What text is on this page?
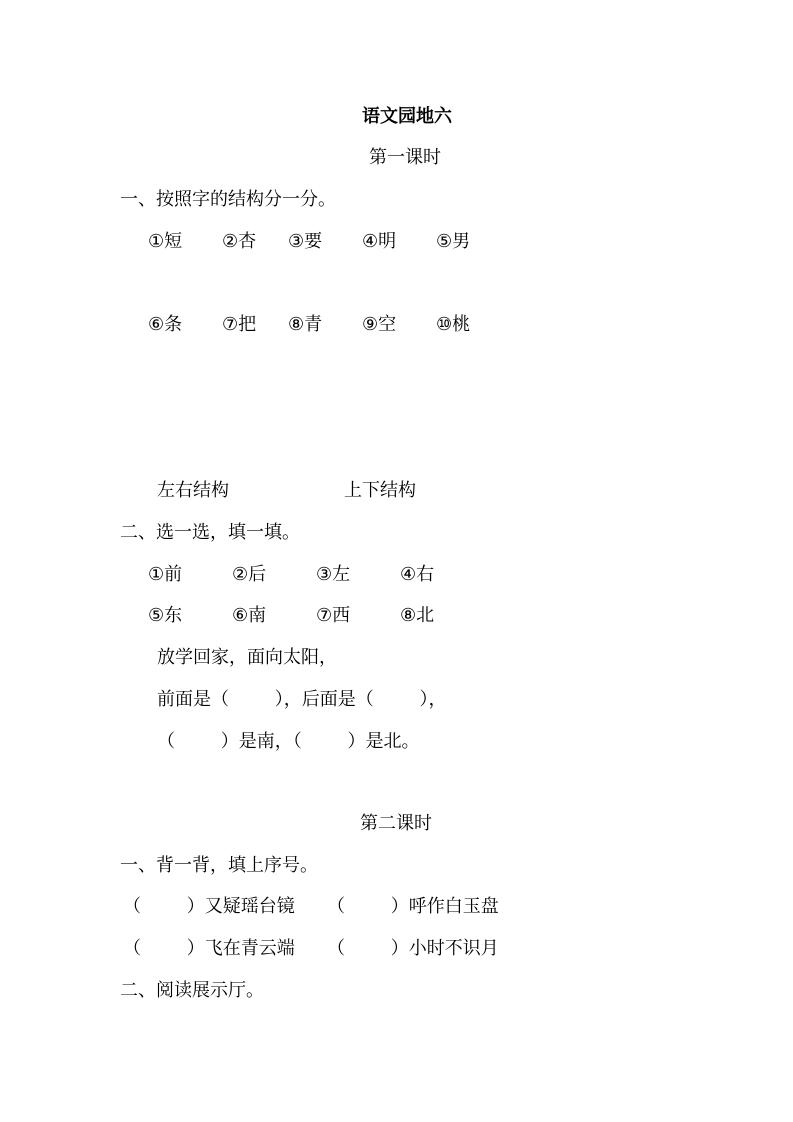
语文园地六
第一课时
一、按照字的结构分一分。
①短 ②杏 ③要 ④明 ⑤男
⑥条 ⑦把 ⑧青 ⑨空 ⑩桃
左右结构	上下结构
二、选一选，填一填。
①前	②后	③左	④右
⑤东	⑥南	⑦西	⑧北
放学回家，面向太阳，
前面是（        ），后面是（        ），
（        ）是南，（        ）是北。
第二课时
一、背一背，填上序号。
（        ）又疑瑶台镜 （        ）呼作白玉盘
（        ）飞在青云端 （        ）小时不识月
二、阅读展示厅。
